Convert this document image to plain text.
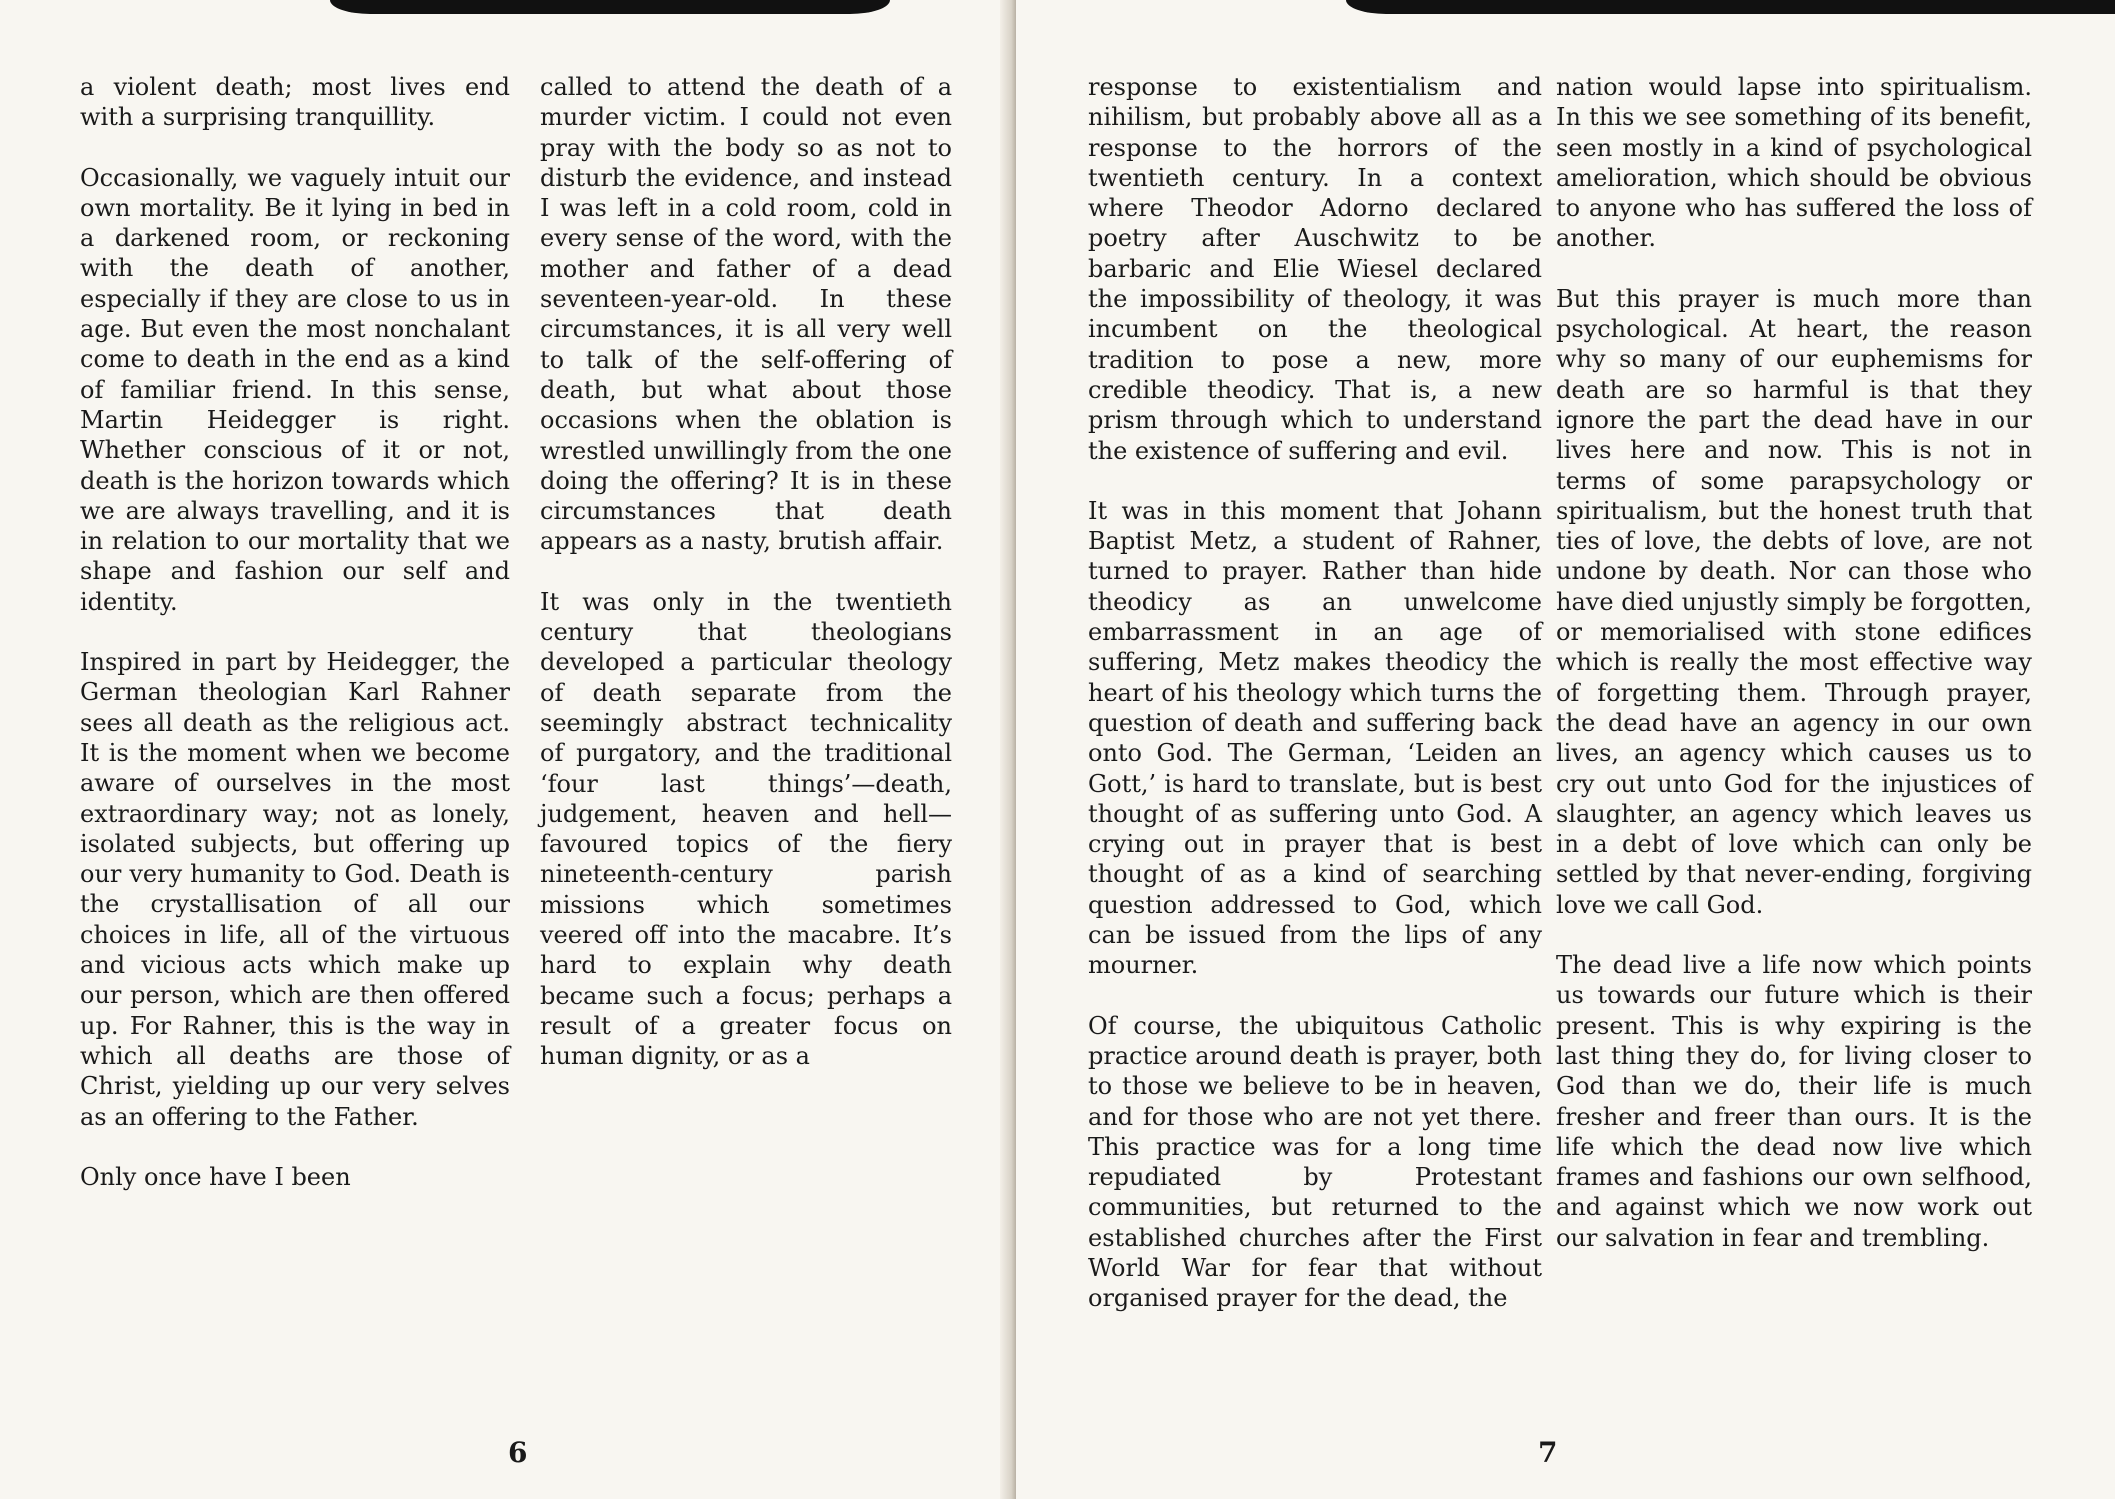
a violent death; most lives end with a surprising tranquillity.

Occasionally, we vaguely intuit our own mortality. Be it lying in bed in a darkened room, or reckoning with the death of another, especially if they are close to us in age. But even the most nonchalant come to death in the end as a kind of familiar friend. In this sense, Martin Heidegger is right. Whether conscious of it or not, death is the horizon towards which we are always travelling, and it is in relation to our mortality that we shape and fashion our self and identity.

Inspired in part by Heidegger, the German theologian Karl Rahner sees all death as the religious act. It is the moment when we become aware of ourselves in the most extraordinary way; not as lonely, isolated subjects, but offering up our very humanity to God. Death is the crystallisation of all our choices in life, all of the virtuous and vicious acts which make up our person, which are then offered up. For Rahner, this is the way in which all deaths are those of Christ, yielding up our very selves as an offering to the Father.

Only once have I been

called to attend the death of a murder victim. I could not even pray with the body so as not to disturb the evidence, and instead I was left in a cold room, cold in every sense of the word, with the mother and father of a dead seventeen-year-old. In these circumstances, it is all very well to talk of the self-offering of death, but what about those occasions when the oblation is wrestled unwillingly from the one doing the offering? It is in these circumstances that death appears as a nasty, brutish affair.

It was only in the twentieth century that theologians developed a particular theology of death separate from the seemingly abstract technicality of purgatory, and the traditional ‘four last things’—death, judgement, heaven and hell—favoured topics of the fiery nineteenth-century parish missions which sometimes veered off into the macabre. It’s hard to explain why death became such a focus; perhaps a result of a greater focus on human dignity, or as a

6

response to existentialism and nihilism, but probably above all as a response to the horrors of the twentieth century. In a context where Theodor Adorno declared poetry after Auschwitz to be barbaric and Elie Wiesel declared the impossibility of theology, it was incumbent on the theological tradition to pose a new, more credible theodicy. That is, a new prism through which to understand the existence of suffering and evil.

It was in this moment that Johann Baptist Metz, a student of Rahner, turned to prayer. Rather than hide theodicy as an unwelcome embarrassment in an age of suffering, Metz makes theodicy the heart of his theology which turns the question of death and suffering back onto God. The German, ‘Leiden an Gott,’ is hard to translate, but is best thought of as suffering unto God. A crying out in prayer that is best thought of as a kind of searching question addressed to God, which can be issued from the lips of any mourner.

Of course, the ubiquitous Catholic practice around death is prayer, both to those we believe to be in heaven, and for those who are not yet there. This practice was for a long time repudiated by Protestant communities, but returned to the established churches after the First World War for fear that without organised prayer for the dead, the

nation would lapse into spiritualism. In this we see something of its benefit, seen mostly in a kind of psychological amelioration, which should be obvious to anyone who has suffered the loss of another.

But this prayer is much more than psychological. At heart, the reason why so many of our euphemisms for death are so harmful is that they ignore the part the dead have in our lives here and now. This is not in terms of some parapsychology or spiritualism, but the honest truth that ties of love, the debts of love, are not undone by death. Nor can those who have died unjustly simply be forgotten, or memorialised with stone edifices which is really the most effective way of forgetting them. Through prayer, the dead have an agency in our own lives, an agency which causes us to cry out unto God for the injustices of slaughter, an agency which leaves us in a debt of love which can only be settled by that never-ending, forgiving love we call God.

The dead live a life now which points us towards our future which is their present. This is why expiring is the last thing they do, for living closer to God than we do, their life is much fresher and freer than ours. It is the life which the dead now live which frames and fashions our own selfhood, and against which we now work out our salvation in fear and trembling.

7
